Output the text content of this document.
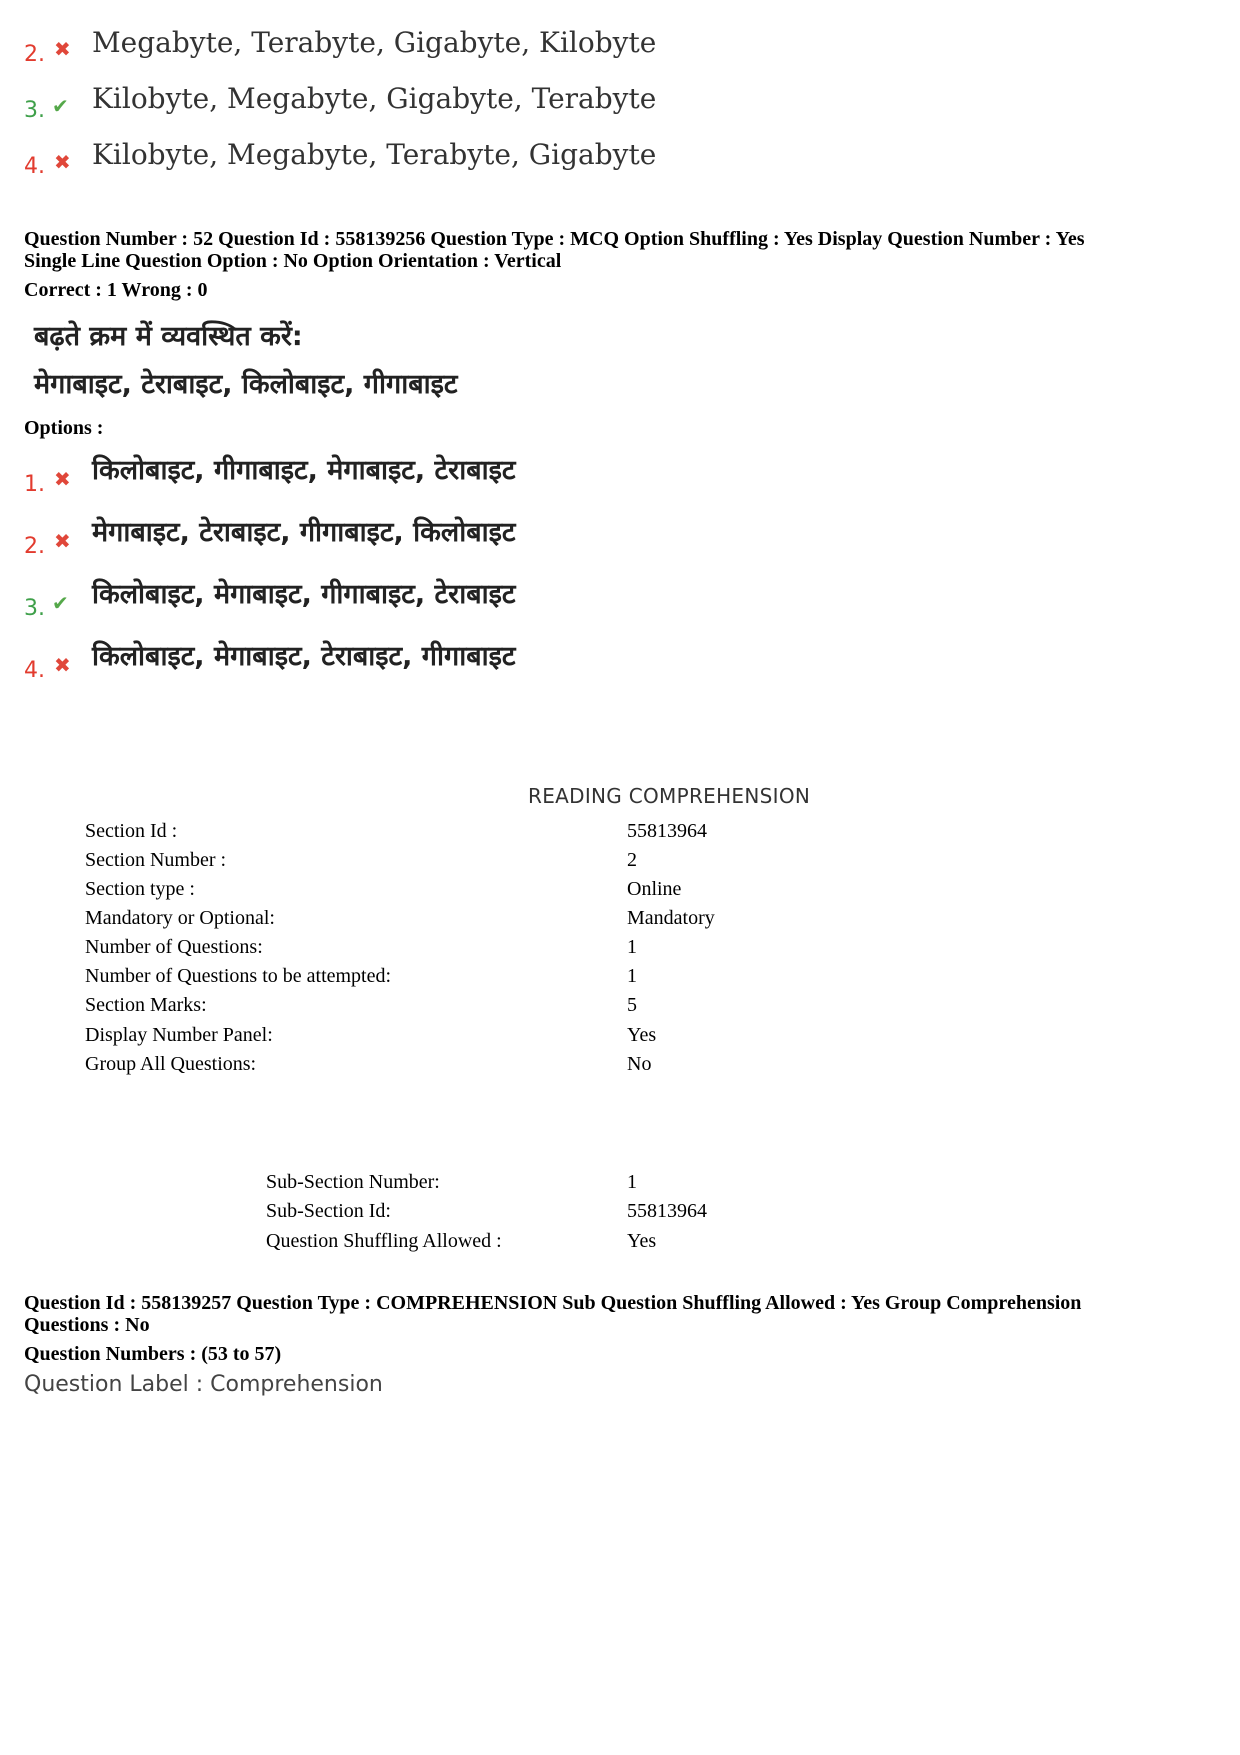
2. ✖ Megabyte, Terabyte, Gigabyte, Kilobyte
3. ✔ Kilobyte, Megabyte, Gigabyte, Terabyte
4. ✖ Kilobyte, Megabyte, Terabyte, Gigabyte
Question Number : 52 Question Id : 558139256 Question Type : MCQ Option Shuffling : Yes Display Question Number : Yes
Single Line Question Option : No Option Orientation : Vertical
Correct : 1 Wrong : 0
बढ़ते क्रम में व्यवस्थित करें:
मेगाबाइट, टेराबाइट, किलोबाइट, गीगाबाइट
Options :
1. ✖ किलोबाइट, गीगाबाइट, मेगाबाइट, टेराबाइट
2. ✖ मेगाबाइट, टेराबाइट, गीगाबाइट, किलोबाइट
3. ✔ किलोबाइट, मेगाबाइट, गीगाबाइट, टेराबाइट
4. ✖ किलोबाइट, मेगाबाइट, टेराबाइट, गीगाबाइट
READING COMPREHENSION
Section Id :	55813964
Section Number :	2
Section type :	Online
Mandatory or Optional:	Mandatory
Number of Questions:	1
Number of Questions to be attempted:	1
Section Marks:	5
Display Number Panel:	Yes
Group All Questions:	No
Sub-Section Number:	1
Sub-Section Id:	55813964
Question Shuffling Allowed :	Yes
Question Id : 558139257 Question Type : COMPREHENSION Sub Question Shuffling Allowed : Yes Group Comprehension
Questions : No
Question Numbers : (53 to 57)
Question Label : Comprehension
